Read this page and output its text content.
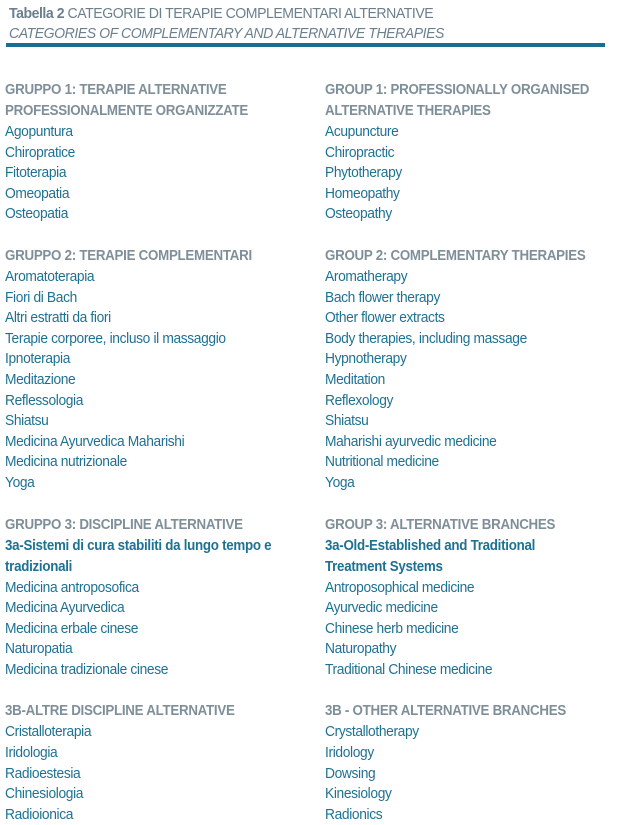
Tabella 2 CATEGORIE DI TERAPIE COMPLEMENTARI ALTERNATIVE
CATEGORIES OF COMPLEMENTARY AND ALTERNATIVE THERAPIES
GRUPPO 1: TERAPIE ALTERNATIVE PROFESSIONALMENTE ORGANIZZATE
Agopuntura
Chiropratice
Fitoterapia
Omeopatia
Osteopatia
GRUPPO 2: TERAPIE COMPLEMENTARI
Aromatoterapia
Fiori di Bach
Altri estratti da fiori
Terapie corporee, incluso il massaggio
Ipnoterapia
Meditazione
Reflessologia
Shiatsu
Medicina Ayurvedica Maharishi
Medicina nutrizionale
Yoga
GRUPPO 3: DISCIPLINE ALTERNATIVE
3a-Sistemi di cura stabiliti da lungo tempo e tradizionali
Medicina antroposofica
Medicina Ayurvedica
Medicina erbale cinese
Naturopatia
Medicina tradizionale cinese
3B-ALTRE DISCIPLINE ALTERNATIVE
Cristalloterapia
Iridologia
Radioestesia
Chinesiologia
Radioionica
GROUP 1: PROFESSIONALLY ORGANISED ALTERNATIVE THERAPIES
Acupuncture
Chiropractic
Phytotherapy
Homeopathy
Osteopathy
GROUP 2: COMPLEMENTARY THERAPIES
Aromatherapy
Bach flower therapy
Other flower extracts
Body therapies, including massage
Hypnotherapy
Meditation
Reflexology
Shiatsu
Maharishi ayurvedic medicine
Nutritional medicine
Yoga
GROUP 3: ALTERNATIVE BRANCHES
3a-Old-Established and Traditional Treatment Systems
Antroposophical medicine
Ayurvedic medicine
Chinese herb medicine
Naturopathy
Traditional Chinese medicine
3B - OTHER ALTERNATIVE BRANCHES
Crystallotherapy
Iridology
Dowsing
Kinesiology
Radionics
